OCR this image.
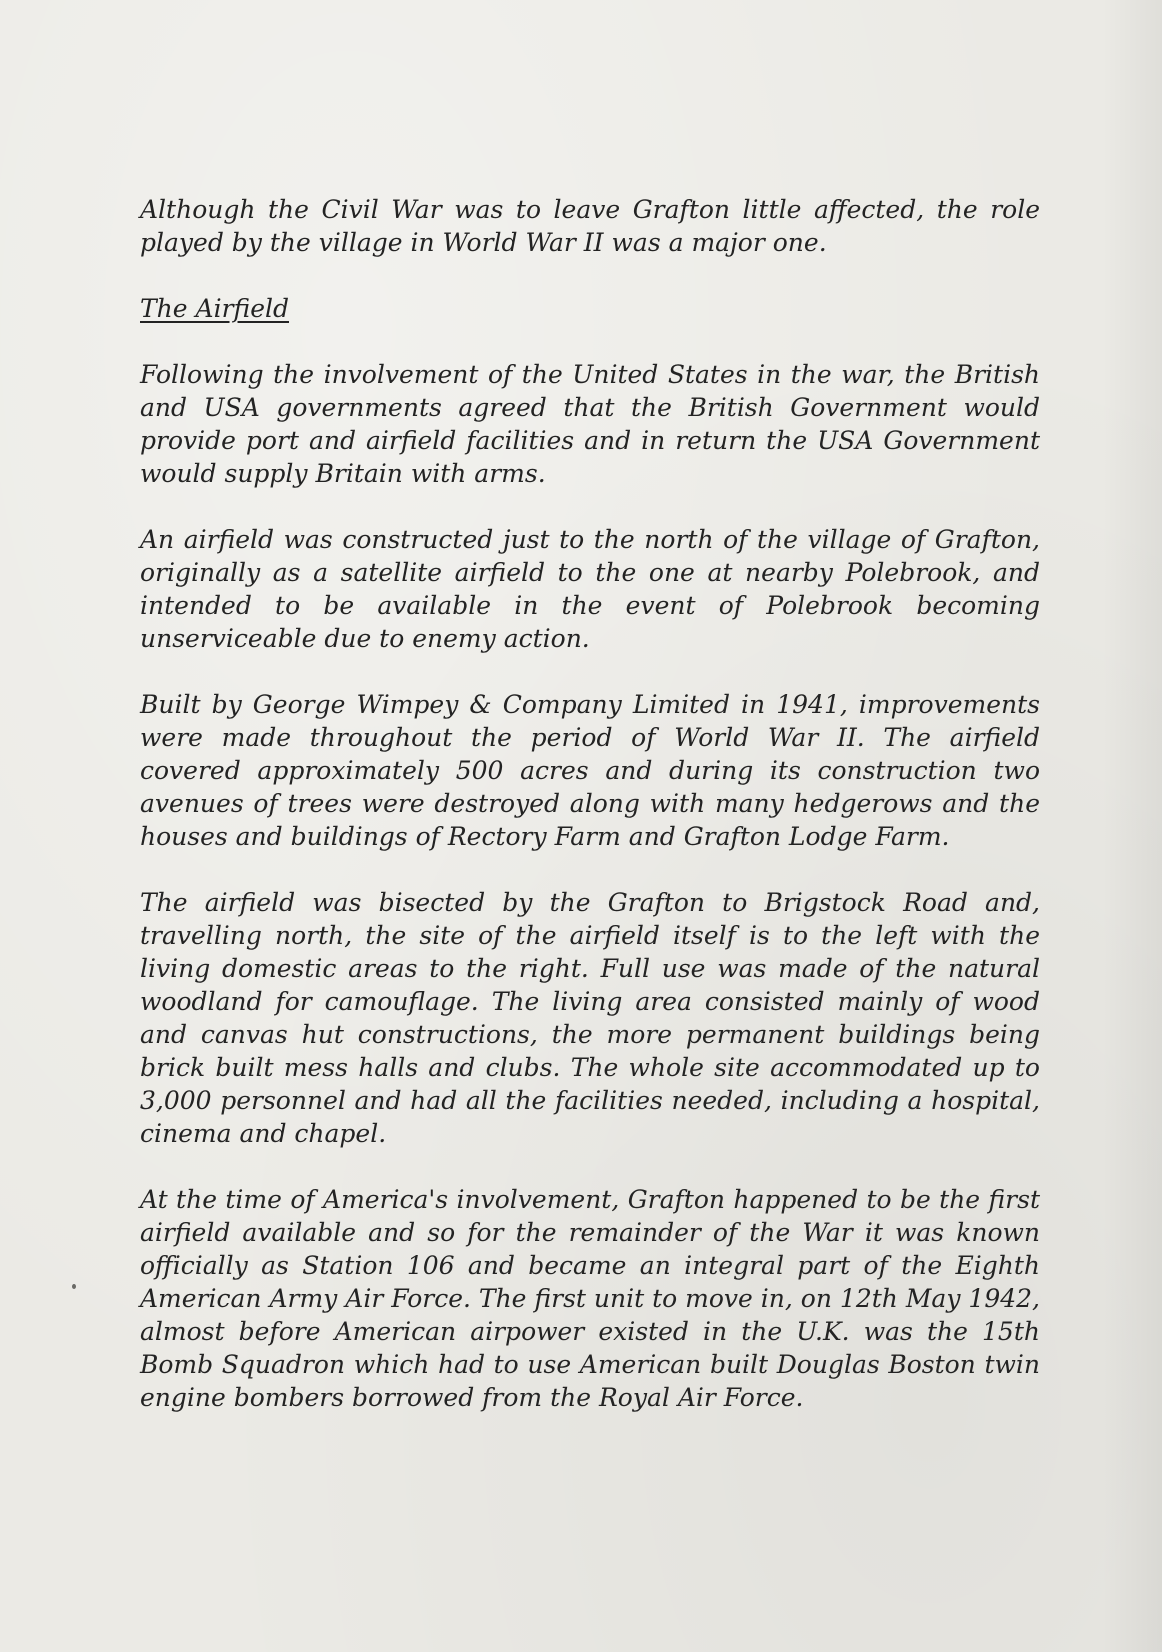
Although the Civil War was to leave Grafton little affected, the role played by the village in World War II was a major one.

The Airfield

Following the involvement of the United States in the war, the British and USA governments agreed that the British Government would provide port and airfield facilities and in return the USA Government would supply Britain with arms.

An airfield was constructed just to the north of the village of Grafton, originally as a satellite airfield to the one at nearby Polebrook, and intended to be available in the event of Polebrook becoming unserviceable due to enemy action.

Built by George Wimpey & Company Limited in 1941, improvements were made throughout the period of World War II. The airfield covered approximately 500 acres and during its construction two avenues of trees were destroyed along with many hedgerows and the houses and buildings of Rectory Farm and Grafton Lodge Farm.

The airfield was bisected by the Grafton to Brigstock Road and, travelling north, the site of the airfield itself is to the left with the living domestic areas to the right. Full use was made of the natural woodland for camouflage. The living area consisted mainly of wood and canvas hut constructions, the more permanent buildings being brick built mess halls and clubs. The whole site accommodated up to 3,000 personnel and had all the facilities needed, including a hospital, cinema and chapel.

At the time of America's involvement, Grafton happened to be the first airfield available and so for the remainder of the War it was known officially as Station 106 and became an integral part of the Eighth American Army Air Force. The first unit to move in, on 12th May 1942, almost before American airpower existed in the U.K. was the 15th Bomb Squadron which had to use American built Douglas Boston twin engine bombers borrowed from the Royal Air Force.
